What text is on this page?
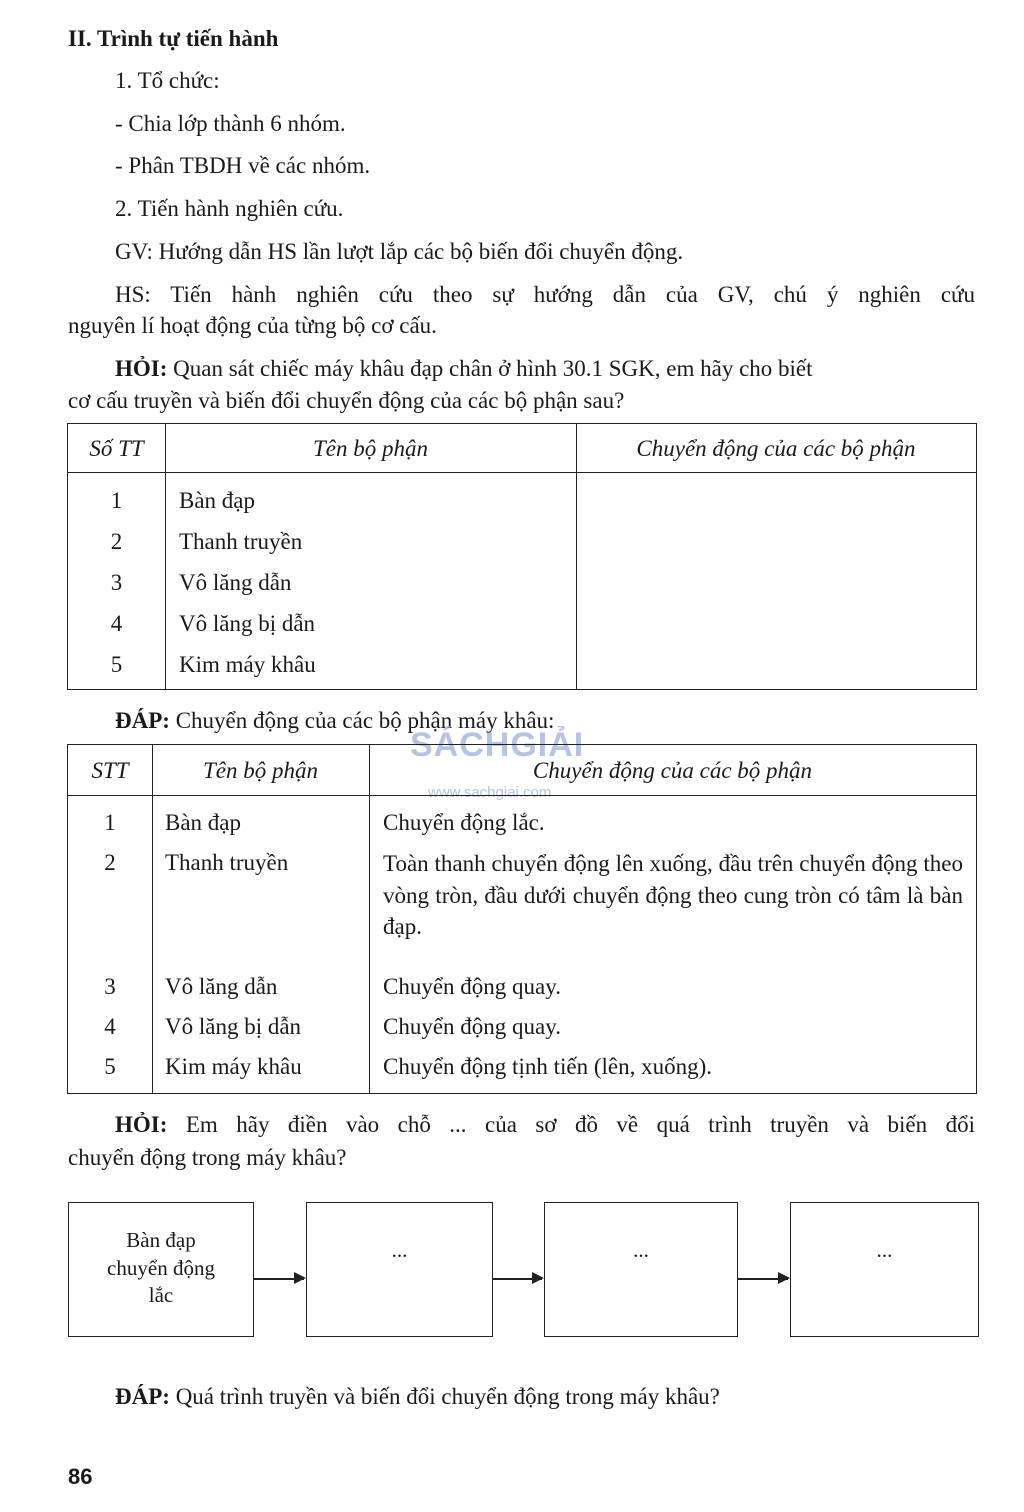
II. Trình tự tiến hành
1. Tổ chức:
- Chia lớp thành 6 nhóm.
- Phân TBDH về các nhóm.
2. Tiến hành nghiên cứu.
GV: Hướng dẫn HS lần lượt lắp các bộ biến đổi chuyển động.
HS: Tiến hành nghiên cứu theo sự hướng dẫn của GV, chú ý nghiên cứu
nguyên lí hoạt động của từng bộ cơ cấu.
HỎI: Quan sát chiếc máy khâu đạp chân ở hình 30.1 SGK, em hãy cho biết
cơ cấu truyền và biến đổi chuyển động của các bộ phận sau?
Số TT	Tên bộ phận	Chuyển động của các bộ phận
1	Bàn đạp
2	Thanh truyền
3	Vô lăng dẫn
4	Vô lăng bị dẫn
5	Kim máy khâu
ĐÁP: Chuyển động của các bộ phận máy khâu:
SÁCHGIẢI
www.sachgiai.com
STT	Tên bộ phận	Chuyển động của các bộ phận
1	Bàn đạp	Chuyển động lắc.
2	Thanh truyền	Toàn thanh chuyển động lên xuống, đầu trên chuyển động theo vòng tròn, đầu dưới chuyển động theo cung tròn có tâm là bàn đạp.
3	Vô lăng dẫn	Chuyển động quay.
4	Vô lăng bị dẫn	Chuyển động quay.
5	Kim máy khâu	Chuyển động tịnh tiến (lên, xuống).
HỎI: Em hãy điền vào chỗ ... của sơ đồ về quá trình truyền và biến đổi
chuyển động trong máy khâu?
Bàn đạp
chuyển động
lắc
...	...	...
ĐÁP: Quá trình truyền và biến đổi chuyển động trong máy khâu?
86
